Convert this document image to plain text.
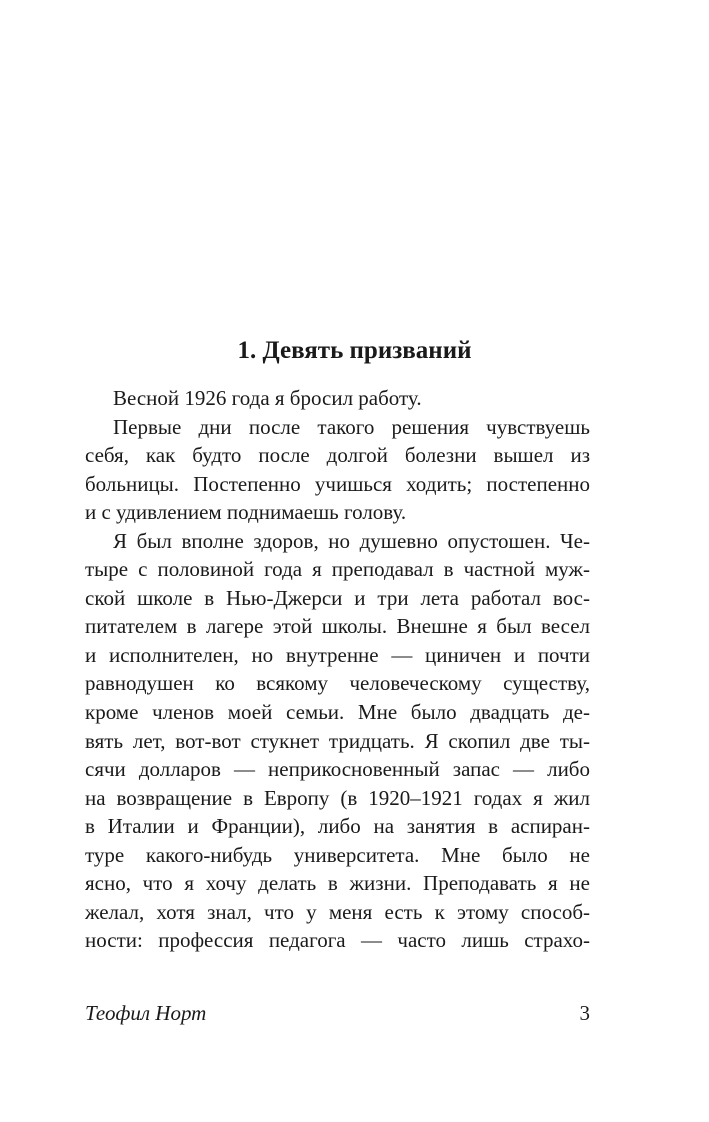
1. Девять призваний

Весной 1926 года я бросил работу.

Первые дни после такого решения чувствуешь
себя, как будто после долгой болезни вышел из
больницы. Постепенно учишься ходить; постепенно
и с удивлением поднимаешь голову.

Я был вполне здоров, но душевно опустошен. Че-
тыре с половиной года я преподавал в частной муж-
ской школе в Нью-Джерси и три лета работал вос-
питателем в лагере этой школы. Внешне я был весел
и исполнителен, но внутренне — циничен и почти
равнодушен ко всякому человеческому существу,
кроме членов моей семьи. Мне было двадцать де-
вять лет, вот-вот стукнет тридцать. Я скопил две ты-
сячи долларов — неприкосновенный запас — либо
на возвращение в Европу (в 1920–1921 годах я жил
в Италии и Франции), либо на занятия в аспиран-
туре какого-нибудь университета. Мне было не
ясно, что я хочу делать в жизни. Преподавать я не
желал, хотя знал, что у меня есть к этому способ-
ности: профессия педагога — часто лишь страхо-

Теофил Норт	3
